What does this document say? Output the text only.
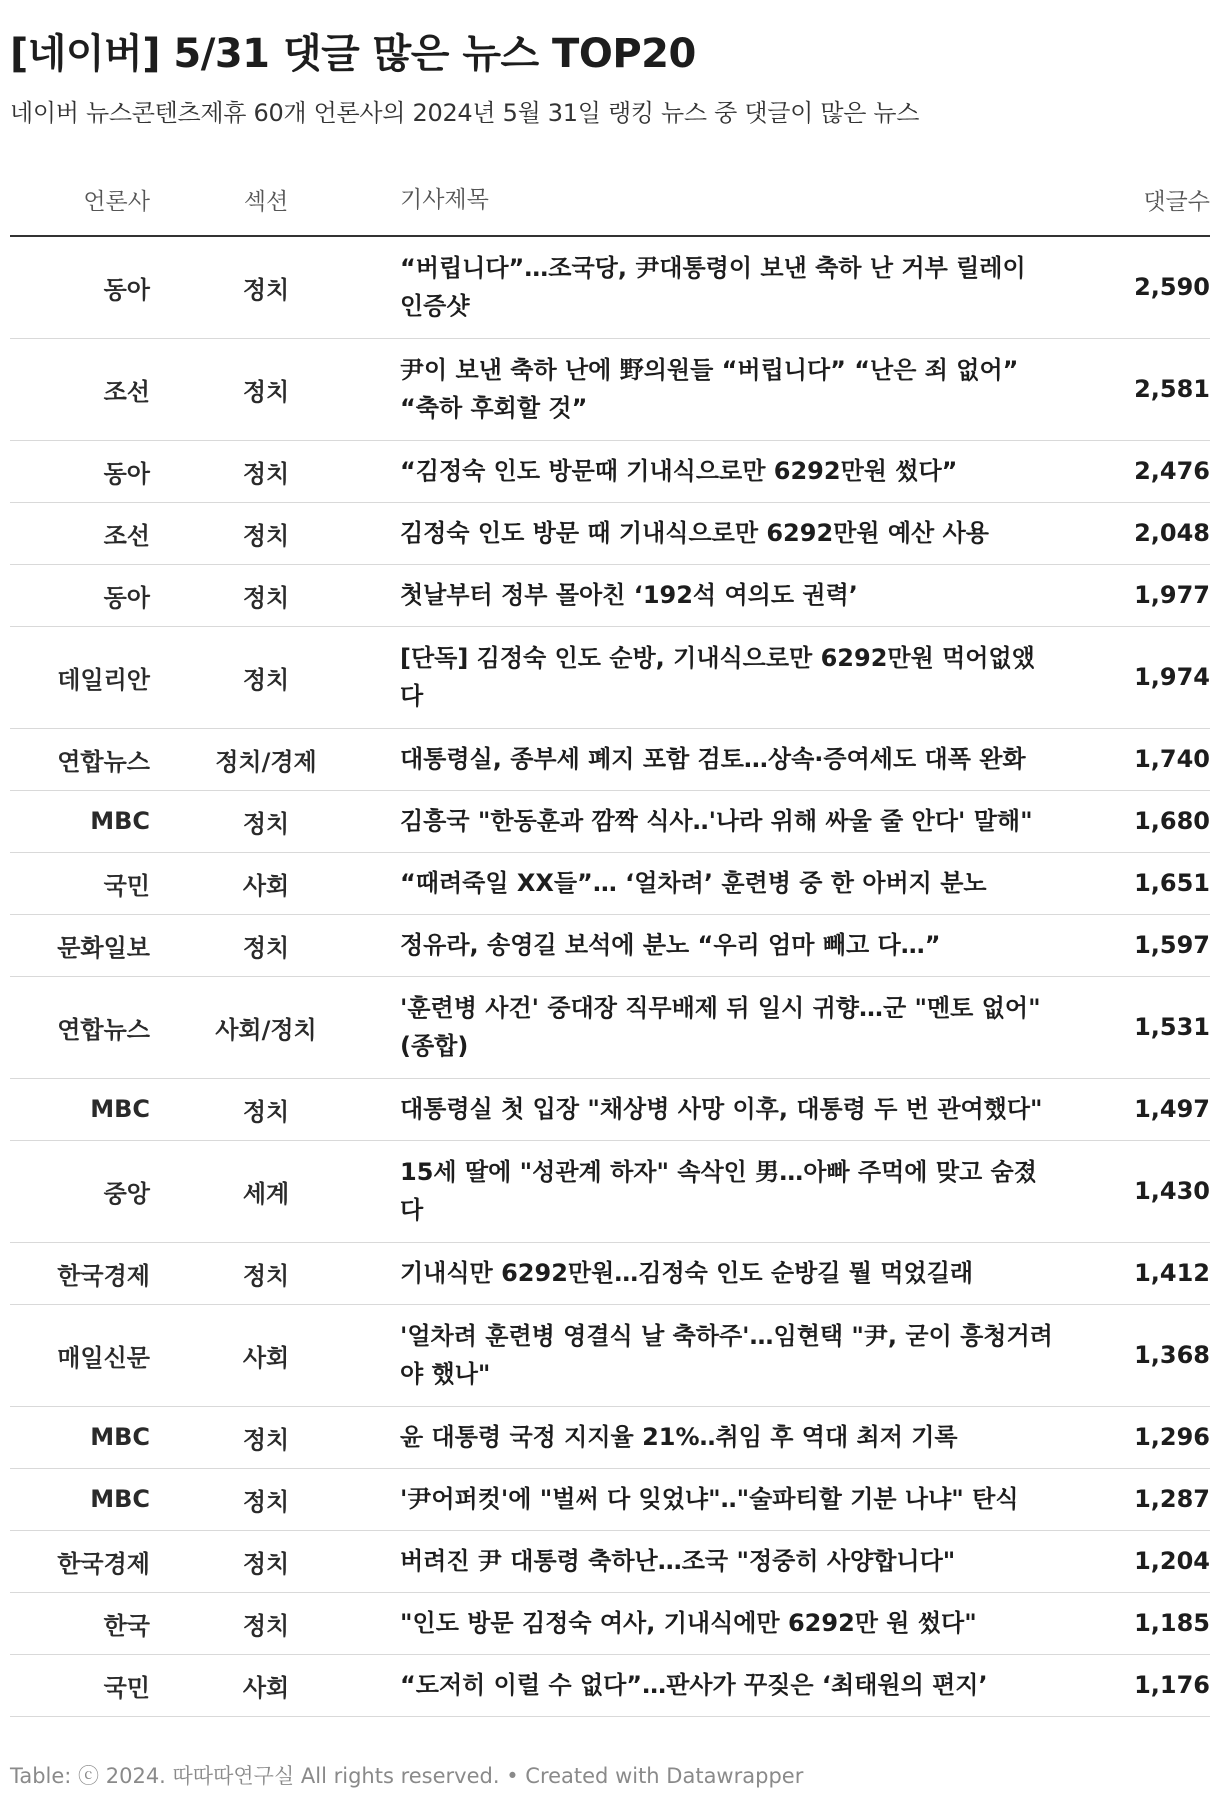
[네이버] 5/31 댓글 많은 뉴스 TOP20
네이버 뉴스콘텐츠제휴 60개 언론사의 2024년 5월 31일 랭킹 뉴스 중 댓글이 많은 뉴스
언론사	섹션	기사제목	댓글수
동아	정치	“버립니다”…조국당, 尹대통령이 보낸 축하 난 거부 릴레이 인증샷	2,590
조선	정치	尹이 보낸 축하 난에 野의원들 “버립니다” “난은 죄 없어” “축하 후회할 것”	2,581
동아	정치	“김정숙 인도 방문때 기내식으로만 6292만원 썼다”	2,476
조선	정치	김정숙 인도 방문 때 기내식으로만 6292만원 예산 사용	2,048
동아	정치	첫날부터 정부 몰아친 ‘192석 여의도 권력’	1,977
데일리안	정치	[단독] 김정숙 인도 순방, 기내식으로만 6292만원 먹어없앴다	1,974
연합뉴스	정치/경제	대통령실, 종부세 폐지 포함 검토…상속·증여세도 대폭 완화	1,740
MBC	정치	김흥국 "한동훈과 깜짝 식사‥'나라 위해 싸울 줄 안다' 말해"	1,680
국민	사회	“때려죽일 XX들”… ‘얼차려’ 훈련병 중 한 아버지 분노	1,651
문화일보	정치	정유라, 송영길 보석에 분노 “우리 엄마 빼고 다…”	1,597
연합뉴스	사회/정치	'훈련병 사건' 중대장 직무배제 뒤 일시 귀향…군 "멘토 없어"(종합)	1,531
MBC	정치	대통령실 첫 입장 "채상병 사망 이후, 대통령 두 번 관여했다"	1,497
중앙	세계	15세 딸에 "성관계 하자" 속삭인 男…아빠 주먹에 맞고 숨졌다	1,430
한국경제	정치	기내식만 6292만원…김정숙 인도 순방길 뭘 먹었길래	1,412
매일신문	사회	'얼차려 훈련병 영결식 날 축하주'…임현택 "尹, 굳이 흥청거려야 했나"	1,368
MBC	정치	윤 대통령 국정 지지율 21%‥취임 후 역대 최저 기록	1,296
MBC	정치	'尹어퍼컷'에 "벌써 다 잊었냐"‥"술파티할 기분 나냐" 탄식	1,287
한국경제	정치	버려진 尹 대통령 축하난…조국 "정중히 사양합니다"	1,204
한국	정치	"인도 방문 김정숙 여사, 기내식에만 6292만 원 썼다"	1,185
국민	사회	“도저히 이럴 수 없다”…판사가 꾸짖은 ‘최태원의 편지’	1,176
Table: ⓒ 2024. 따따따연구실 All rights reserved. • Created with Datawrapper
